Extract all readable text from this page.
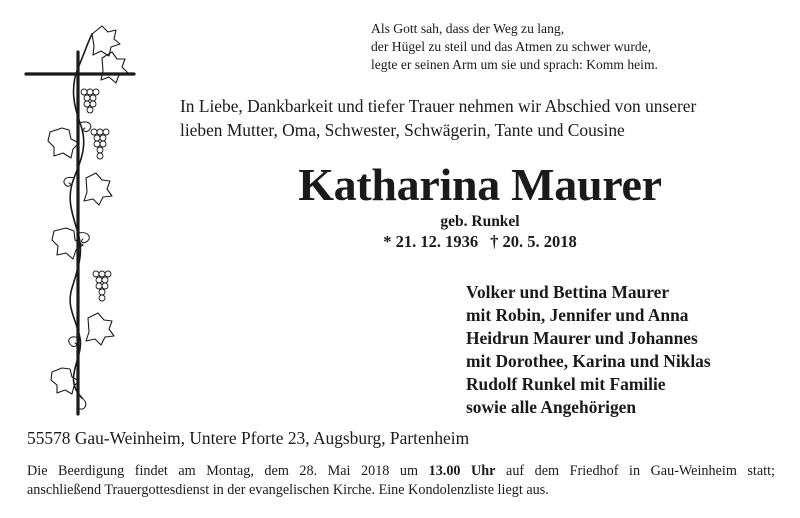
Als Gott sah, dass der Weg zu lang,
der Hügel zu steil und das Atmen zu schwer wurde,
legte er seinen Arm um sie und sprach: Komm heim.
In Liebe, Dankbarkeit und tiefer Trauer nehmen wir Abschied von unserer
lieben Mutter, Oma, Schwester, Schwägerin, Tante und Cousine
Katharina Maurer
geb. Runkel
* 21. 12. 1936 † 20. 5. 2018
Volker und Bettina Maurer
mit Robin, Jennifer und Anna
Heidrun Maurer und Johannes
mit Dorothee, Karina und Niklas
Rudolf Runkel mit Familie
sowie alle Angehörigen
55578 Gau-Weinheim, Untere Pforte 23, Augsburg, Partenheim
Die Beerdigung findet am Montag, dem 28. Mai 2018 um 13.00 Uhr auf dem Friedhof in Gau-Weinheim statt;
anschließend Trauergottesdienst in der evangelischen Kirche. Eine Kondolenzliste liegt aus.
